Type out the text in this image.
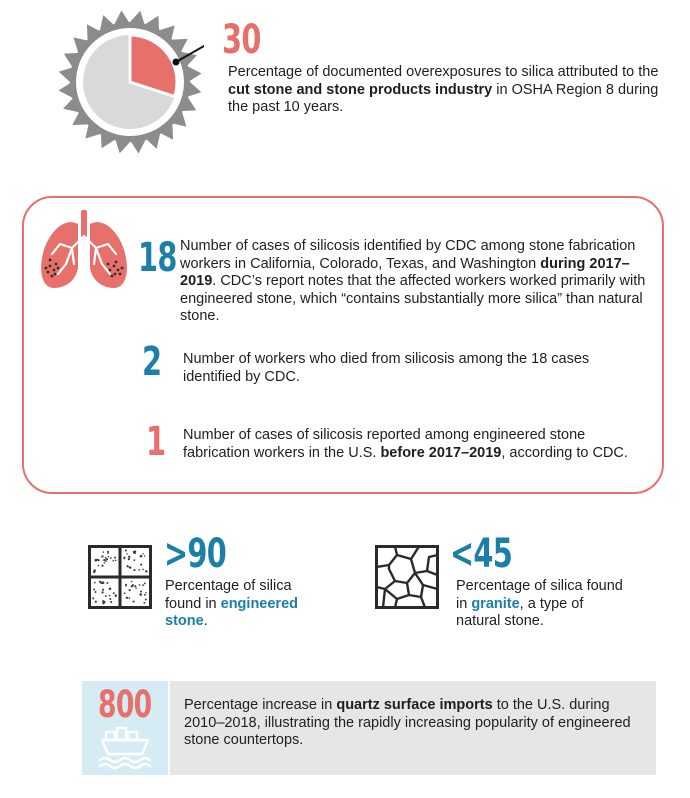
30
Percentage of documented overexposures to silica attributed to the cut stone and stone products industry in OSHA Region 8 during the past 10 years.
18 Number of cases of silicosis identified by CDC among stone fabrication workers in California, Colorado, Texas, and Washington during 2017–2019. CDC’s report notes that the affected workers worked primarily with engineered stone, which “contains substantially more silica” than natural stone.
2 Number of workers who died from silicosis among the 18 cases identified by CDC.
1 Number of cases of silicosis reported among engineered stone fabrication workers in the U.S. before 2017–2019, according to CDC.
>90
Percentage of silica found in engineered stone.
<45
Percentage of silica found in granite, a type of natural stone.
800 Percentage increase in quartz surface imports to the U.S. during 2010–2018, illustrating the rapidly increasing popularity of engineered stone countertops.
